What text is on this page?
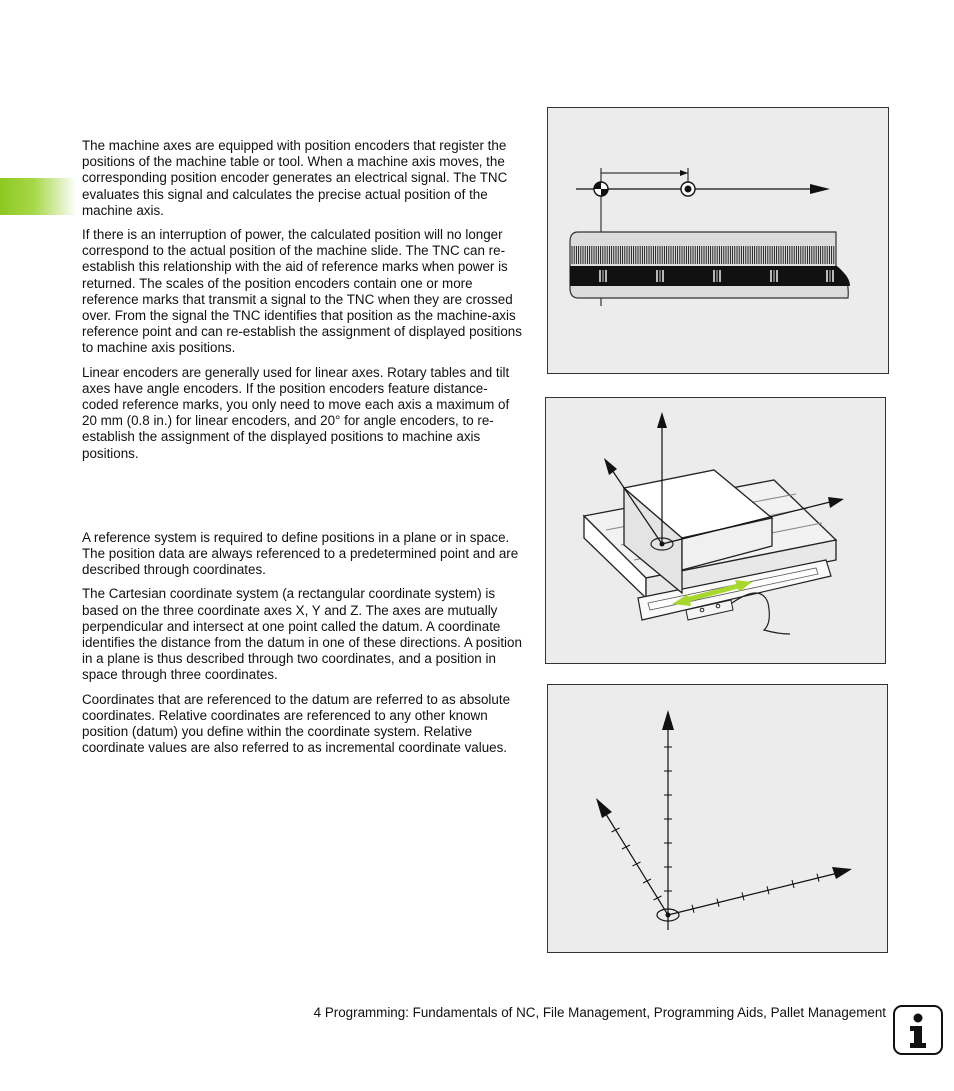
The machine axes are equipped with position encoders that register the positions of the machine table or tool. When a machine axis moves, the corresponding position encoder generates an electrical signal. The TNC evaluates this signal and calculates the precise actual position of the machine axis.

If there is an interruption of power, the calculated position will no longer correspond to the actual position of the machine slide. The TNC can re-establish this relationship with the aid of reference marks when power is returned. The scales of the position encoders contain one or more reference marks that transmit a signal to the TNC when they are crossed over. From the signal the TNC identifies that position as the machine-axis reference point and can re-establish the assignment of displayed positions to machine axis positions.

Linear encoders are generally used for linear axes. Rotary tables and tilt axes have angle encoders. If the position encoders feature distance-coded reference marks, you only need to move each axis a maximum of 20 mm (0.8 in.) for linear encoders, and 20° for angle encoders, to re-establish the assignment of the displayed positions to machine axis positions.

A reference system is required to define positions in a plane or in space. The position data are always referenced to a predetermined point and are described through coordinates.

The Cartesian coordinate system (a rectangular coordinate system) is based on the three coordinate axes X, Y and Z. The axes are mutually perpendicular and intersect at one point called the datum. A coordinate identifies the distance from the datum in one of these directions. A position in a plane is thus described through two coordinates, and a position in space through three coordinates.

Coordinates that are referenced to the datum are referred to as absolute coordinates. Relative coordinates are referenced to any other known position (datum) you define within the coordinate system. Relative coordinate values are also referred to as incremental coordinate values.

4 Programming: Fundamentals of NC, File Management, Programming Aids, Pallet Management
